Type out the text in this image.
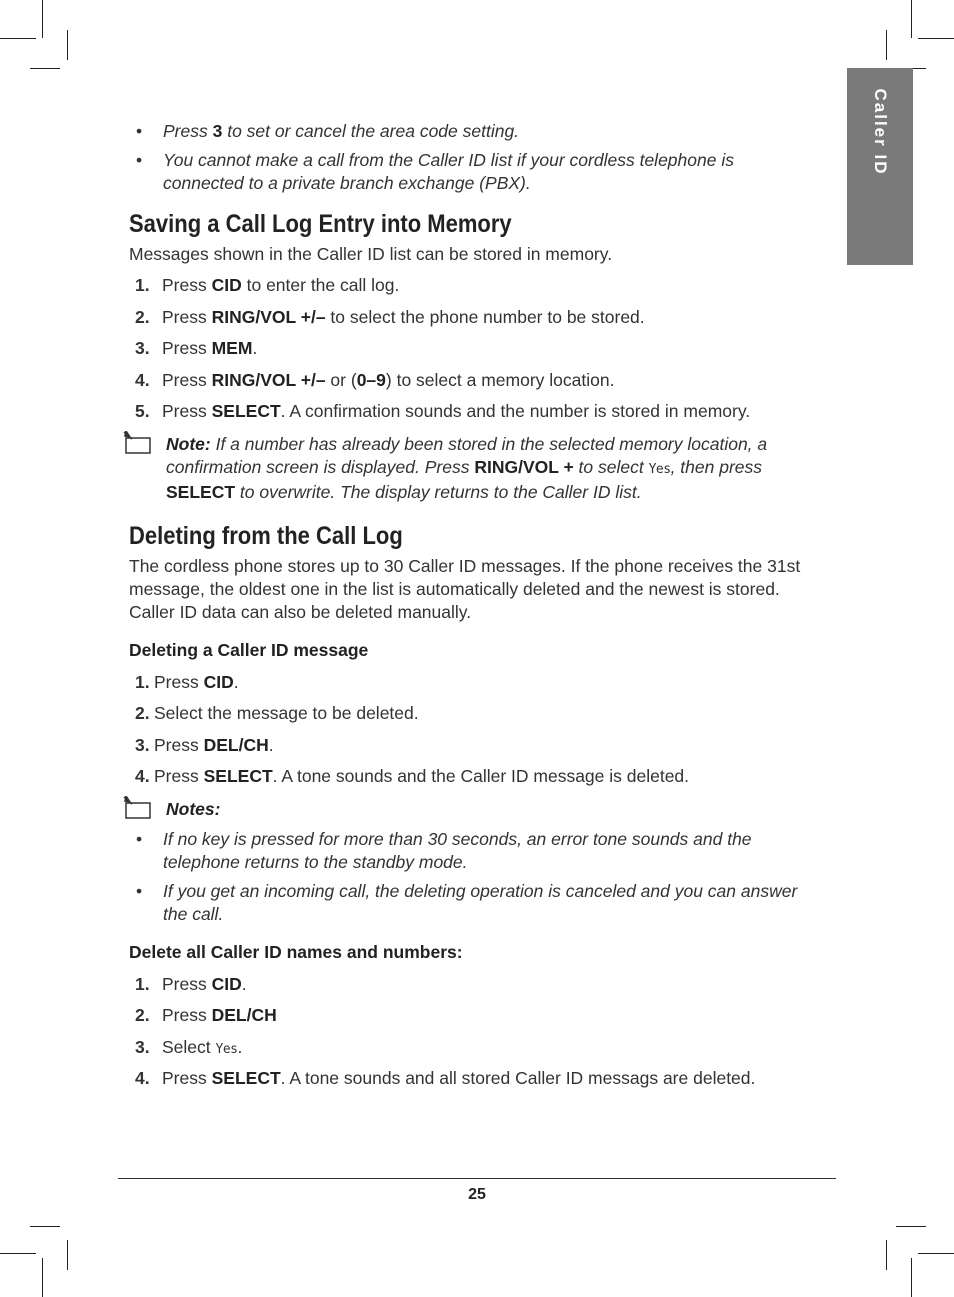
Caller ID
• Press 3 to set or cancel the area code setting.
• You cannot make a call from the Caller ID list if your cordless telephone is connected to a private branch exchange (PBX).
Saving a Call Log Entry into Memory

Messages shown in the Caller ID list can be stored in memory.

1. Press CID to enter the call log.
2. Press RING/VOL +/– to select the phone number to be stored.
3. Press MEM.
4. Press RING/VOL +/– or (0–9) to select a memory location.
5. Press SELECT. A confirmation sounds and the number is stored in memory.
Note: If a number has already been stored in the selected memory location, a confirmation screen is displayed. Press RING/VOL + to select Yes, then press SELECT to overwrite. The display returns to the Caller ID list.
Deleting from the Call Log

The cordless phone stores up to 30 Caller ID messages. If the phone receives the 31st message, the oldest one in the list is automatically deleted and the newest is stored. Caller ID data can also be deleted manually.

Deleting a Caller ID message
1. Press CID.
2. Select the message to be deleted.
3. Press DEL/CH.
4. Press SELECT. A tone sounds and the Caller ID message is deleted.
Notes:
• If no key is pressed for more than 30 seconds, an error tone sounds and the telephone returns to the standby mode.
• If you get an incoming call, the deleting operation is canceled and you can answer the call.
Delete all Caller ID names and numbers:
1. Press CID.
2. Press DEL/CH
3. Select Yes.
4. Press SELECT. A tone sounds and all stored Caller ID messags are deleted.
25
